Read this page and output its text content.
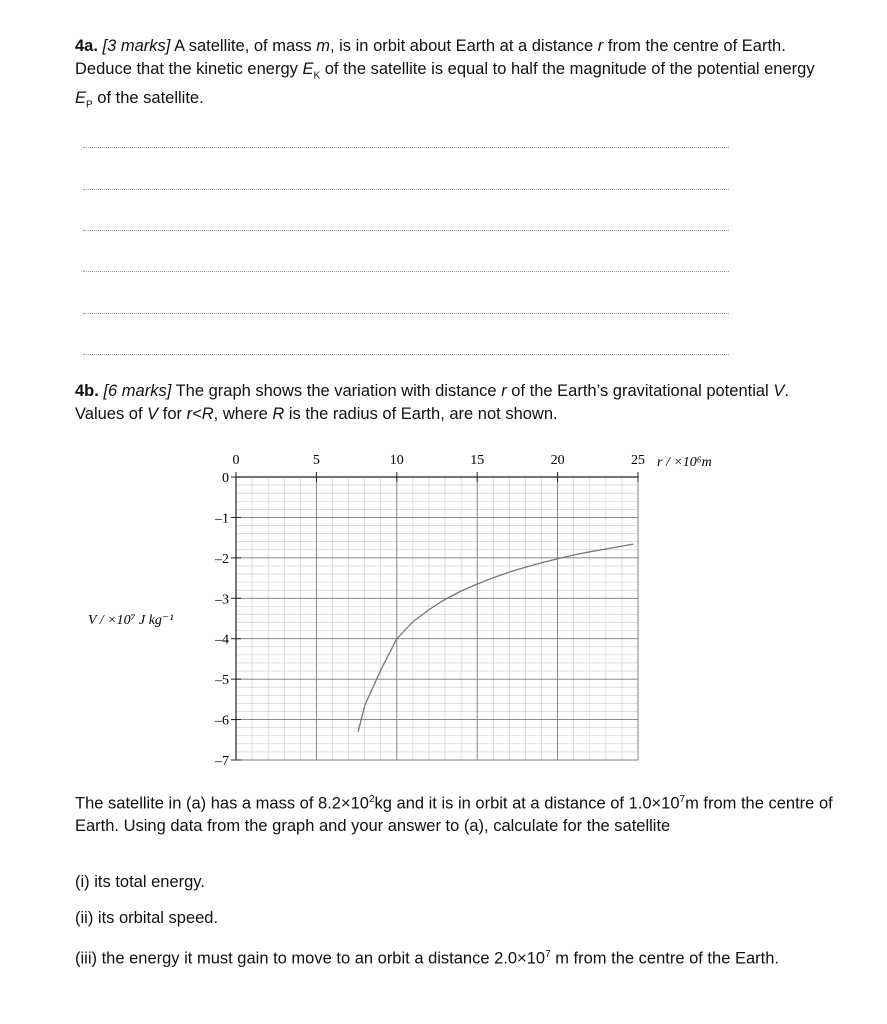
4a. [3 marks] A satellite, of mass m, is in orbit about Earth at a distance r from the centre of Earth. Deduce that the kinetic energy $E_K$ of the satellite is equal to half the magnitude of the potential energy $E_P$ of the satellite.
4b. [6 marks] The graph shows the variation with distance r of the Earth’s gravitational potential V. Values of V for r<R, where R is the radius of Earth, are not shown.
0	5	10	15	20	25
0
–1
–2
–3
–4
–5
–6
–7
r / ×10⁶m
V / ×10⁷ J kg⁻¹
The satellite in (a) has a mass of $8.2\times 10^2kg$ and it is in orbit at a distance of $1.0\times 10^7m$ from the centre of Earth. Using data from the graph and your answer to (a), calculate for the satellite
(i) its total energy.
(ii) its orbital speed.
(iii) the energy it must gain to move to an orbit a distance $2.0\times 10^7$ m from the centre of the Earth.
